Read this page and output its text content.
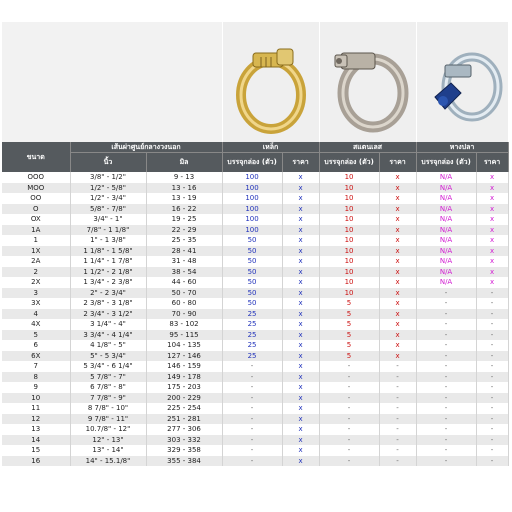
ขนาด	เส้นผ่าศูนย์กลางวงนอก		เหล็ก		สแตนเลส		หางปลา	
	นิ้ว	มิล	บรรจุกล่อง (ตัว)	ราคา	บรรจุกล่อง (ตัว)	ราคา	บรรจุกล่อง (ตัว)	ราคา
OOO	3/8" - 1/2"	9 - 13	100	x	10	x	N/A	x
MOO	1/2" - 5/8"	13 - 16	100	x	10	x	N/A	x
OO	1/2" - 3/4"	13 - 19	100	x	10	x	N/A	x
O	5/8" - 7/8"	16 - 22	100	x	10	x	N/A	x
OX	3/4" - 1"	19 - 25	100	x	10	x	N/A	x
1A	7/8" - 1 1/8"	22 - 29	100	x	10	x	N/A	x
1	1" - 1 3/8"	25 - 35	50	x	10	x	N/A	x
1X	1 1/8" - 1 5/8"	28 - 41	50	x	10	x	N/A	x
2A	1 1/4" - 1 7/8"	31 - 48	50	x	10	x	N/A	x
2	1 1/2" - 2 1/8"	38 - 54	50	x	10	x	N/A	x
2X	1 3/4" - 2 3/8"	44 - 60	50	x	10	x	N/A	x
3	2" - 2 3/4"	50 - 70	50	x	10	x	-	-
3X	2 3/8" - 3 1/8"	60 - 80	50	x	5	x	-	-
4	2 3/4" - 3 1/2"	70 - 90	25	x	5	x	-	-
4X	3 1/4" - 4"	83 - 102	25	x	5	x	-	-
5	3 3/4" - 4 1/4"	95 - 115	25	x	5	x	-	-
6	4 1/8" - 5"	104 - 135	25	x	5	x	-	-
6X	5" - 5 3/4"	127 - 146	25	x	5	x	-	-
7	5 3/4" - 6 1/4"	146 - 159	-	x	-	-	-	-
8	5 7/8" - 7"	149 - 178	-	x	-	-	-	-
9	6 7/8" - 8"	175 - 203	-	x	-	-	-	-
10	7 7/8" - 9"	200 - 229	-	x	-	-	-	-
11	8 7/8" - 10"	225 - 254	-	x	-	-	-	-
12	9 7/8" - 11"	251 - 281	-	x	-	-	-	-
13	10.7/8" - 12"	277 - 306	-	x	-	-	-	-
14	12" - 13"	303 - 332	-	x	-	-	-	-
15	13" - 14"	329 - 358	-	x	-	-	-	-
16	14" - 15.1/8"	355 - 384	-	x	-	-	-	-
